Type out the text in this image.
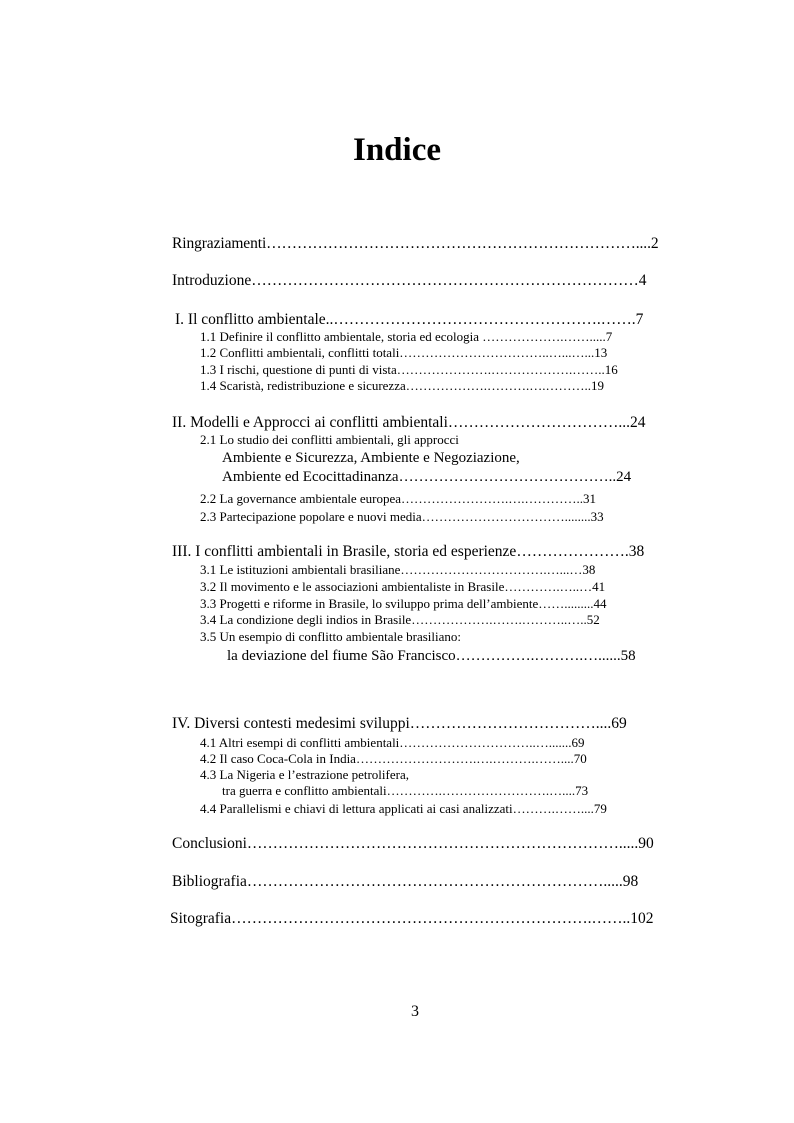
Indice
Ringraziamenti………………………………………………………………....2
Introduzione…………………………………………………………………4
I. Il conflitto ambientale..…………………………………………….…….7
1.1 Definire il conflitto ambientale, storia ed ecologia ……………….…….....7
1.2 Conflitti ambientali, conflitti totali……………………………..…...…...13
1.3 I rischi, questione di punti di vista………………….……………….……..16
1.4 Scaristà, redistribuzione e sicurezza……………….……….….………..19
II. Modelli e Approcci ai conflitti ambientali……………………………...24
2.1 Lo studio dei conflitti ambientali, gli approcci
Ambiente e Sicurezza, Ambiente e Negoziazione,
Ambiente ed Ecocittadinanza……………………………………..24
2.2 La governance ambientale europea…………………….….…………..31
2.3 Partecipazione popolare e nuovi media……………………………........33
III. I conflitti ambientali in Brasile, storia ed esperienze………………….38
3.1 Le istituzioni ambientali brasiliane…………………………….…...…38
3.2 Il movimento e le associazioni ambientaliste in Brasile………….…..…41
3.3 Progetti e riforme in Brasile, lo sviluppo prima dell’ambiente…….........44
3.4 La condizione degli indios in Brasile……………….…….………..…..52
3.5 Un esempio di conflitto ambientale brasiliano:
la deviazione del fiume São Francisco…………….……….…......58
IV. Diversi contesti medesimi sviluppi………………………………....69
4.1 Altri esempi di conflitti ambientali…………………………..….......69
4.2 Il caso Coca-Cola in India……………………….….……….……....70
4.3 La Nigeria e l’estrazione petrolifera,
tra guerra e conflitto ambientali………….…………………….…....73
4.4 Parallelismi e chiavi di lettura applicati ai casi analizzati……….……....79
Conclusioni……………………………………………………………….....90
Bibliografia…………………………………………………………….....98
Sitografia…………………………………………………………….……..102
3
